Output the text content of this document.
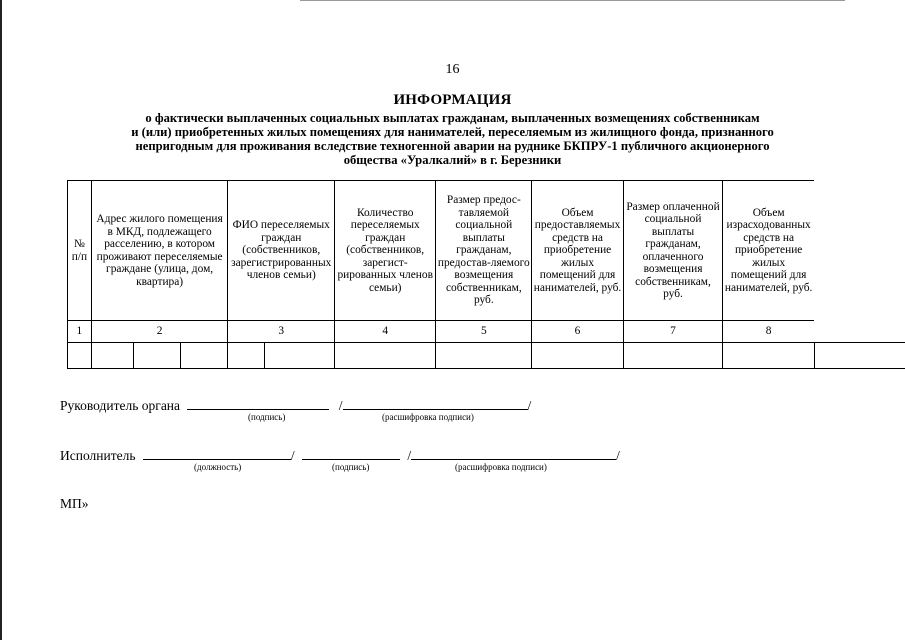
16
ИНФОРМАЦИЯ
о фактически выплаченных социальных выплатах гражданам, выплаченных возмещениях собственникам
и (или) приобретенных жилых помещениях для нанимателей, переселяемым из жилищного фонда, признанного
непригодным для проживания вследствие техногенной аварии на руднике БКПРУ-1 публичного акционерного
общества «Уралкалий» в г. Березники
№ п/п	Адрес жилого помещения в МКД, подлежащего расселению, в котором проживают переселяемые граждане (улица, дом, квартира)			ФИО переселяемых граждан (собственников, зарегистрированных членов семьи)		Количество переселяемых граждан (собственников, зарегист-рированных членов семьи)	Размер предос-тавляемой социальной выплаты гражданам, предостав-ляемого возмещения собственникам, руб.	Объем предоставляемых средств на приобретение жилых помещений для нанимателей, руб.	Размер оплаченной социальной выплаты гражданам, оплаченного возмещения собственникам, руб.	Объем израсходованных средств на приобретение жилых помещений для нанимателей, руб.	
1	2			3		4	5	6	7	8	

Руководитель органа	/	/
(подпись)	(расшифровка подписи)
Исполнитель	/	/	/
(должность)	(подпись)	(расшифровка подписи)
МП»
